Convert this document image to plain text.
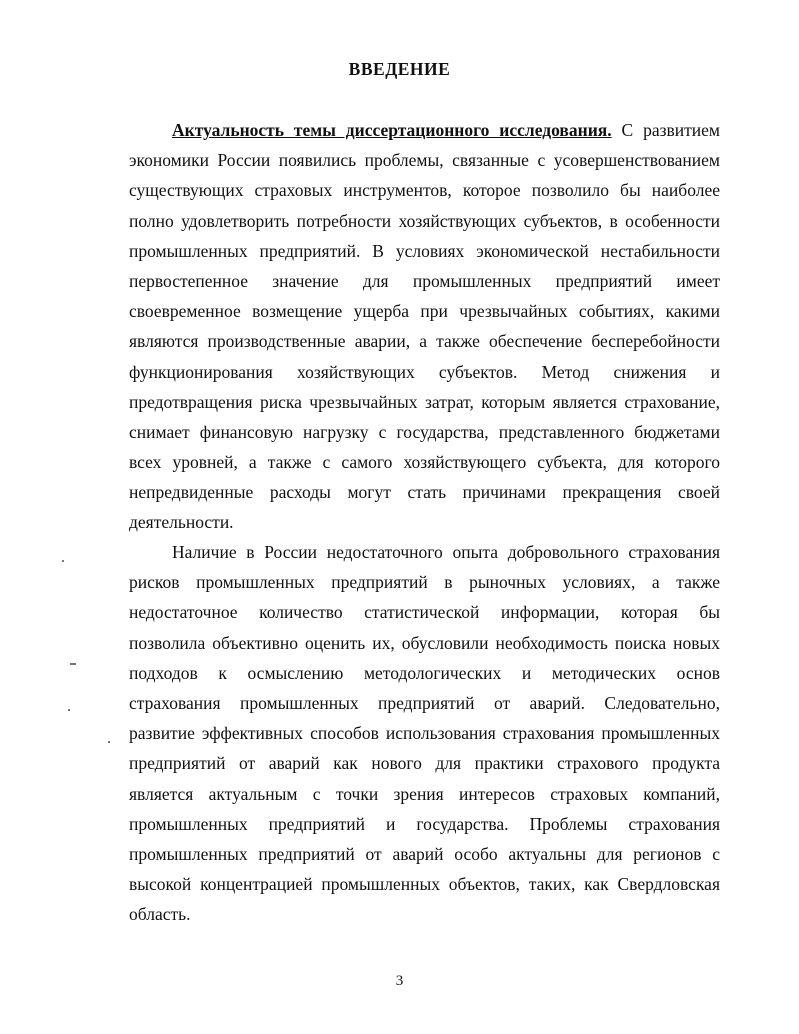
ВВЕДЕНИЕ
Актуальность темы диссертационного исследования. С развитием
экономики России появились проблемы, связанные с усовершенствованием
существующих страховых инструментов, которое позволило бы наиболее
полно удовлетворить потребности хозяйствующих субъектов, в особенности
промышленных предприятий. В условиях экономической нестабильности
первостепенное значение для промышленных предприятий имеет
своевременное возмещение ущерба при чрезвычайных событиях, какими
являются производственные аварии, а также обеспечение бесперебойности
функционирования хозяйствующих субъектов. Метод снижения и
предотвращения риска чрезвычайных затрат, которым является страхование,
снимает финансовую нагрузку с государства, представленного бюджетами
всех уровней, а также с самого хозяйствующего субъекта, для которого
непредвиденные расходы могут стать причинами прекращения своей
деятельности.
Наличие в России недостаточного опыта добровольного страхования
рисков промышленных предприятий в рыночных условиях, а также
недостаточное количество статистической информации, которая бы
позволила объективно оценить их, обусловили необходимость поиска новых
подходов к осмыслению методологических и методических основ
страхования промышленных предприятий от аварий. Следовательно,
развитие эффективных способов использования страхования промышленных
предприятий от аварий как нового для практики страхового продукта
является актуальным с точки зрения интересов страховых компаний,
промышленных предприятий и государства. Проблемы страхования
промышленных предприятий от аварий особо актуальны для регионов с
высокой концентрацией промышленных объектов, таких, как Свердловская
область.
3
